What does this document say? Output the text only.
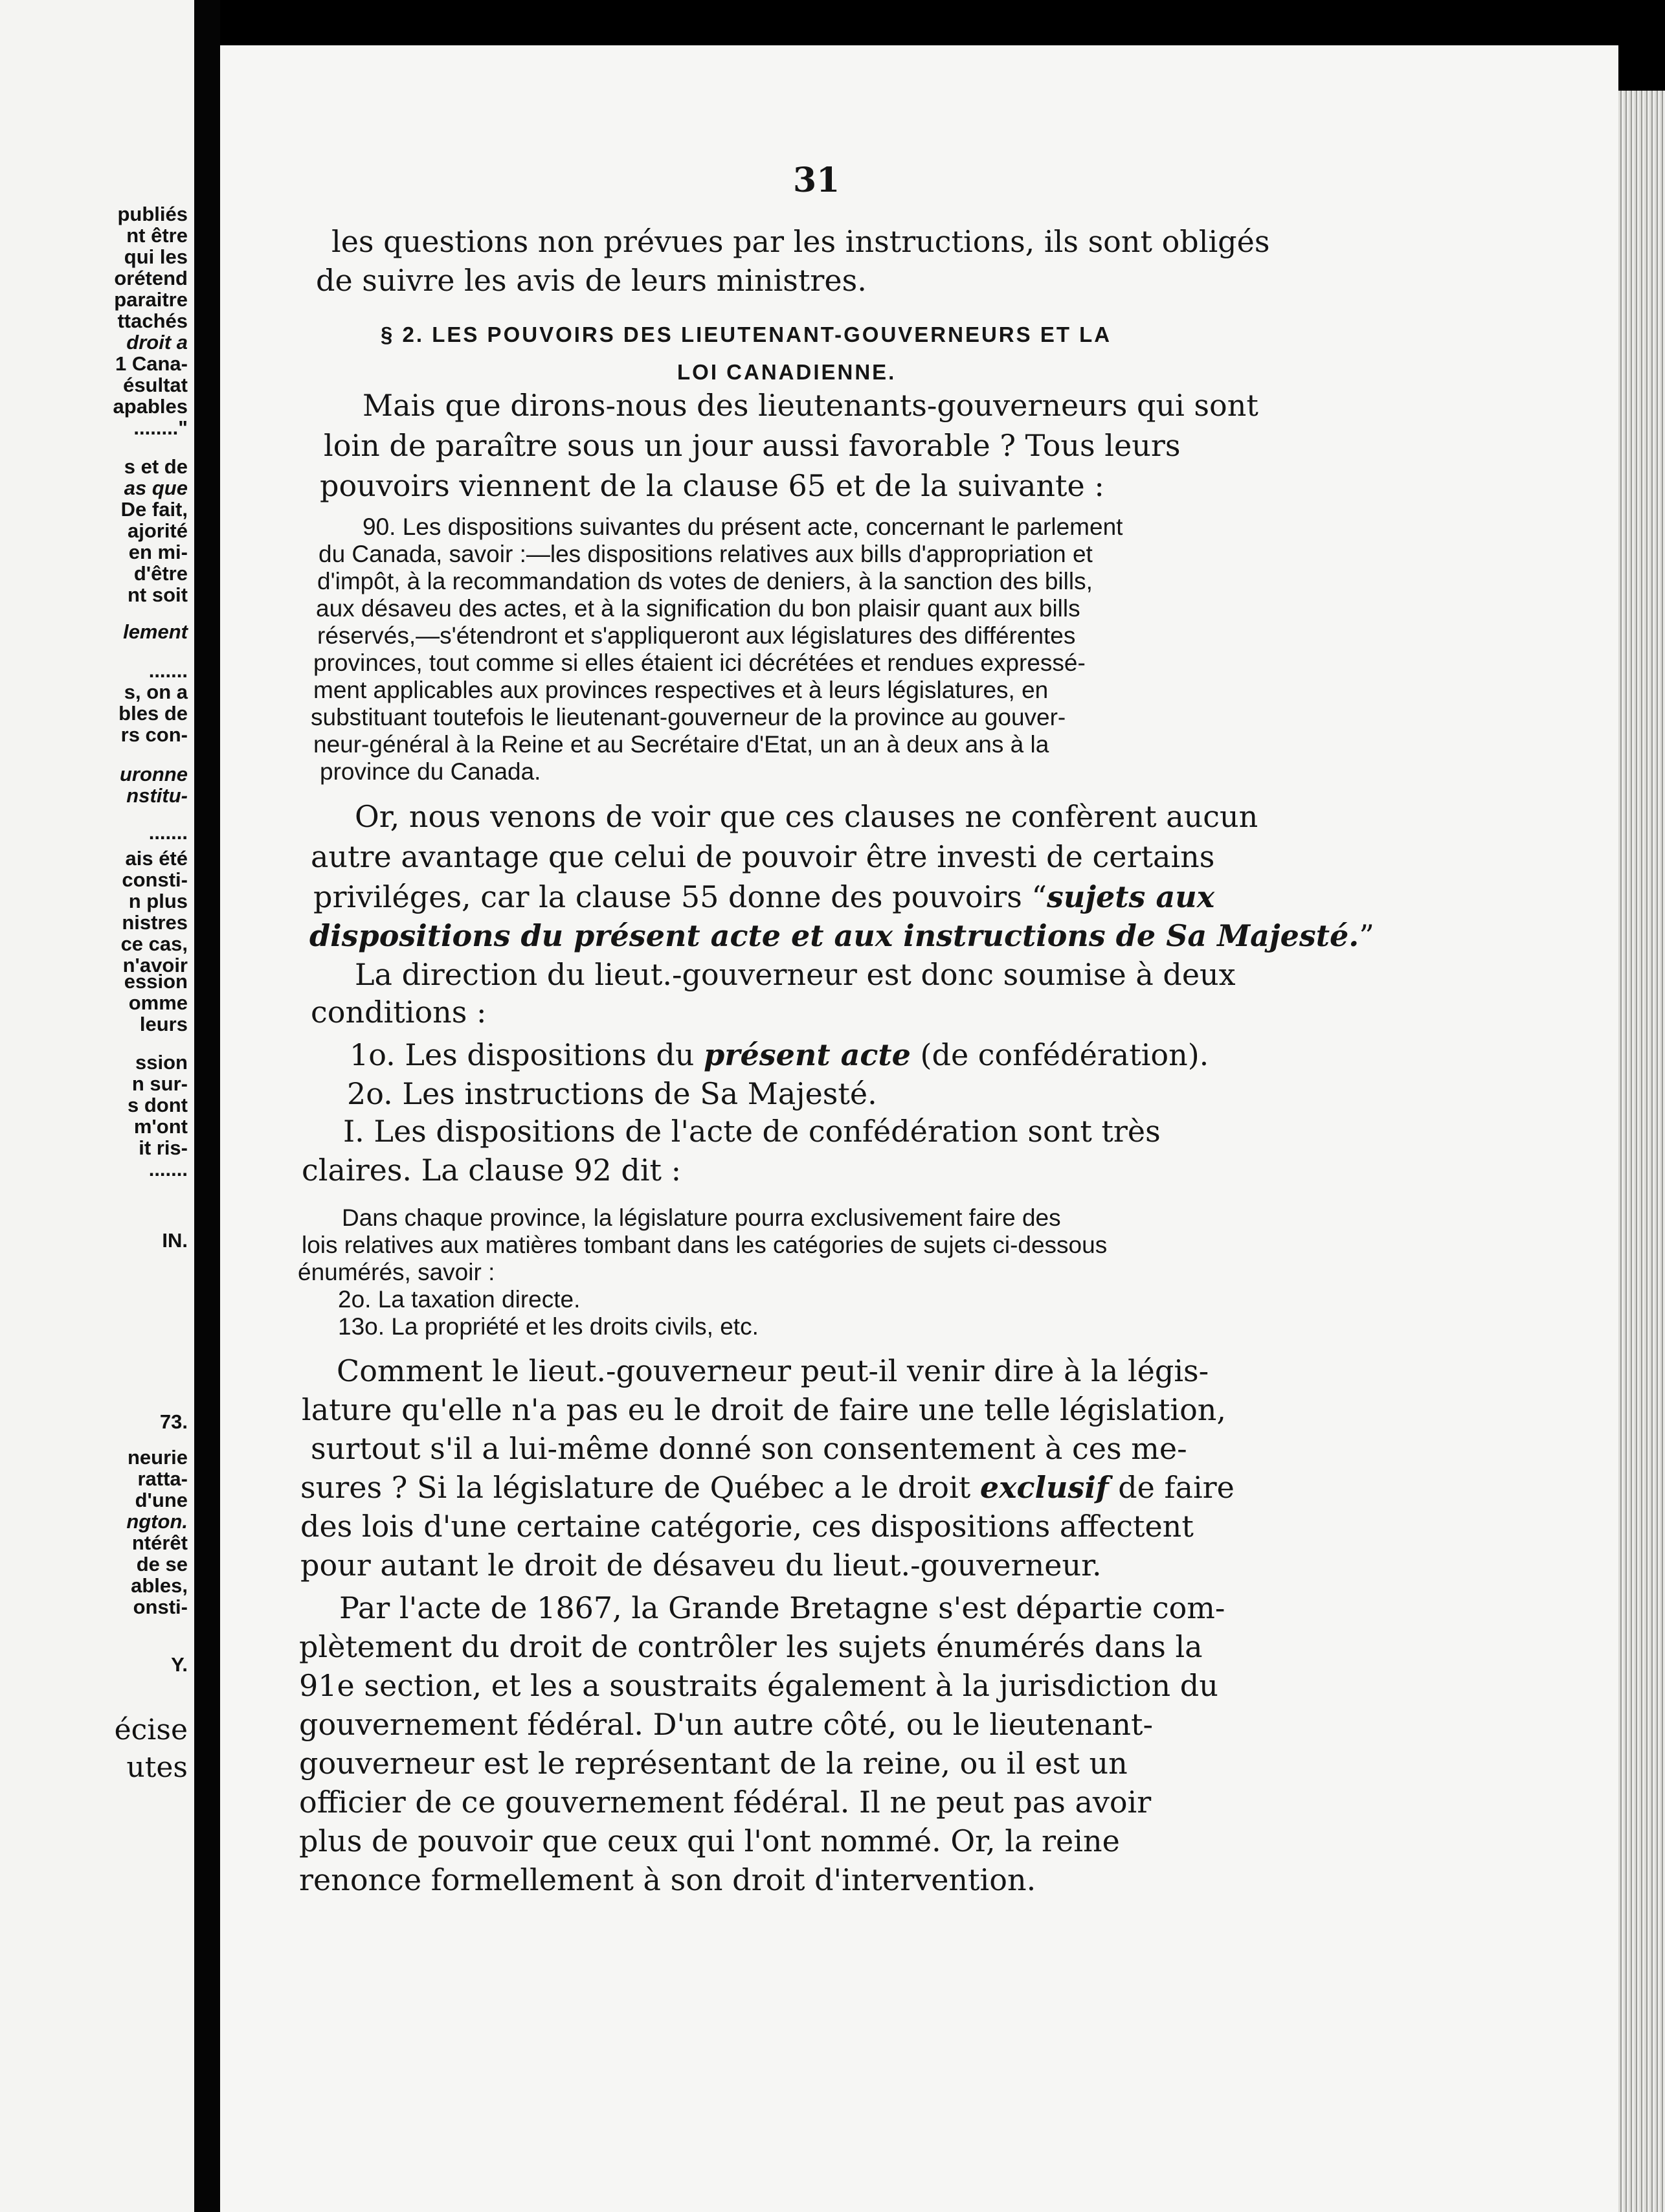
publiés
nt être
qui les
orétend
paraitre
ttachés
droit a
1 Cana-
ésultat
apables
........"
s et de
as que
De fait,
ajorité
en mi-
d'être
nt soit
lement
.......
s, on a
bles de
rs con-
uronne
nstitu-
.......
ais été
consti-
n plus
nistres
ce cas,
n'avoir
ession
omme
leurs
ssion
n sur-
s dont
m'ont
it ris-
.......
IN.
73.
neurie
ratta-
d'une
ngton.
ntérêt
de se
ables,
onsti-
Y.
écise
utes
31
les questions non prévues par les instructions, ils sont obligés
de suivre les avis de leurs ministres.
§ 2. LES POUVOIRS DES LIEUTENANT-GOUVERNEURS ET LA
LOI CANADIENNE.
Mais que dirons-nous des lieutenants-gouverneurs qui sont
loin de paraître sous un jour aussi favorable ? Tous leurs
pouvoirs viennent de la clause 65 et de la suivante :
90. Les dispositions suivantes du présent acte, concernant le parlement
du Canada, savoir :—les dispositions relatives aux bills d'appropriation et
d'impôt, à la recommandation ds votes de deniers, à la sanction des bills,
aux désaveu des actes, et à la signification du bon plaisir quant aux bills
réservés,—s'étendront et s'appliqueront aux législatures des différentes
provinces, tout comme si elles étaient ici décrétées et rendues expressé-
ment applicables aux provinces respectives et à leurs législatures, en
substituant toutefois le lieutenant-gouverneur de la province au gouver-
neur-général à la Reine et au Secrétaire d'Etat, un an à deux ans à la
province du Canada.
Or, nous venons de voir que ces clauses ne confèrent aucun
autre avantage que celui de pouvoir être investi de certains
priviléges, car la clause 55 donne des pouvoirs “sujets aux
dispositions du présent acte et aux instructions de Sa Majesté.”
La direction du lieut.-gouverneur est donc soumise à deux
conditions :
1o. Les dispositions du présent acte (de confédération).
2o. Les instructions de Sa Majesté.
I. Les dispositions de l'acte de confédération sont très
claires. La clause 92 dit :
Dans chaque province, la législature pourra exclusivement faire des
lois relatives aux matières tombant dans les catégories de sujets ci-dessous
énumérés, savoir :
2o. La taxation directe.
13o. La propriété et les droits civils, etc.
Comment le lieut.-gouverneur peut-il venir dire à la légis-
lature qu'elle n'a pas eu le droit de faire une telle législation,
surtout s'il a lui-même donné son consentement à ces me-
sures ? Si la législature de Québec a le droit exclusif de faire
des lois d'une certaine catégorie, ces dispositions affectent
pour autant le droit de désaveu du lieut.-gouverneur.
Par l'acte de 1867, la Grande Bretagne s'est départie com-
plètement du droit de contrôler les sujets énumérés dans la
91e section, et les a soustraits également à la jurisdiction du
gouvernement fédéral. D'un autre côté, ou le lieutenant-
gouverneur est le représentant de la reine, ou il est un
officier de ce gouvernement fédéral. Il ne peut pas avoir
plus de pouvoir que ceux qui l'ont nommé. Or, la reine
renonce formellement à son droit d'intervention.
